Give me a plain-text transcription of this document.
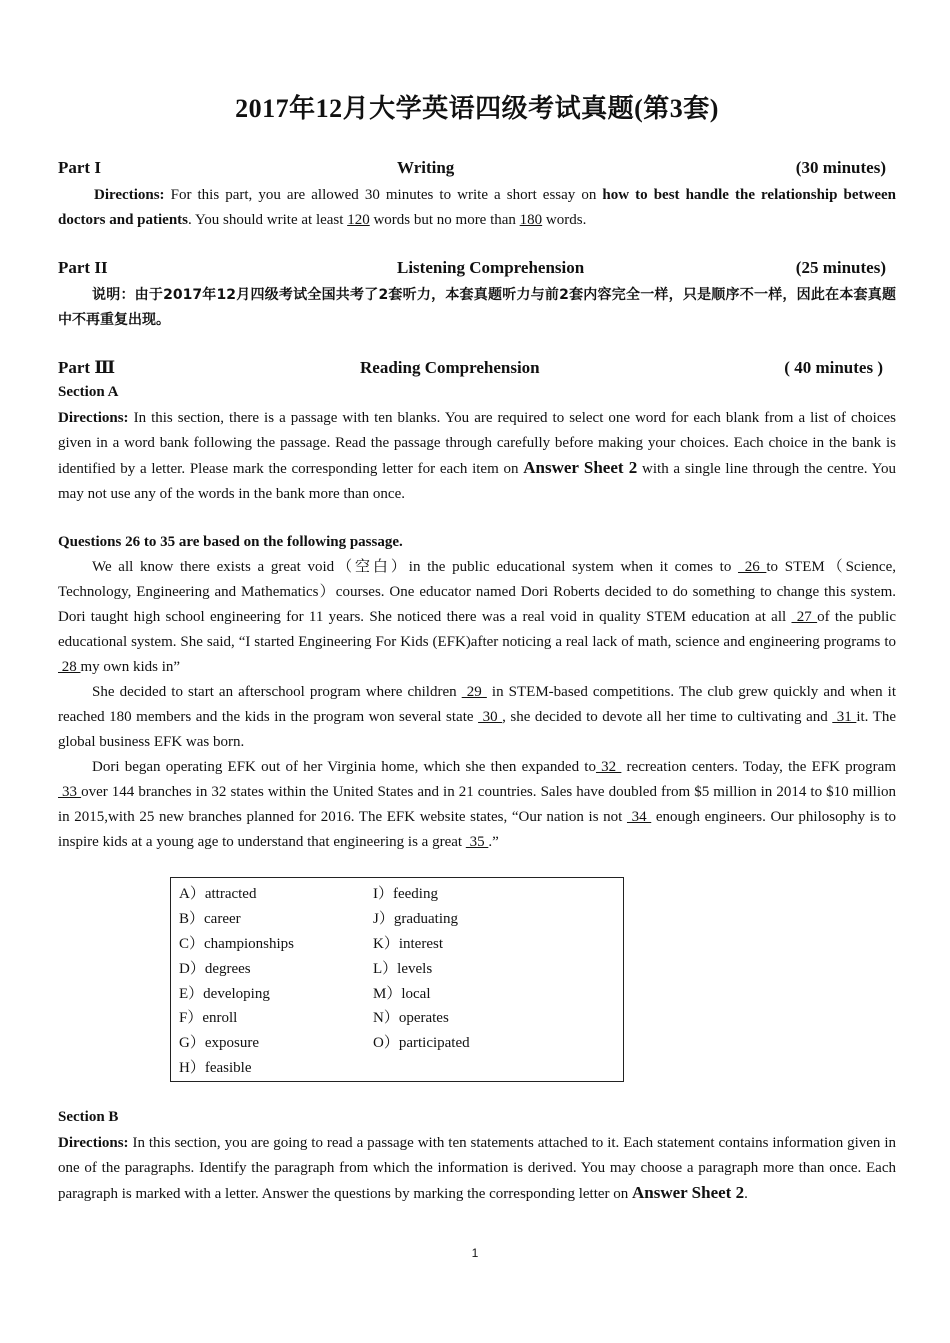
2017年12月大学英语四级考试真题(第3套)
Part I	Writing	(30 minutes)
Directions: For this part, you are allowed 30 minutes to write a short essay on how to best handle the relationship between doctors and patients. You should write at least 120 words but no more than 180 words.
Part II	Listening Comprehension	(25 minutes)
说明：由于2017年12月四级考试全国共考了2套听力，本套真题听力与前2套内容完全一样，只是顺序不一样，因此在本套真题中不再重复出现。
Part Ⅲ	Reading Comprehension	( 40 minutes )
Section A
Directions: In this section, there is a passage with ten blanks. You are required to select one word for each blank from a list of choices given in a word bank following the passage. Read the passage through carefully before making your choices. Each choice in the bank is identified by a letter. Please mark the corresponding letter for each item on Answer Sheet 2 with a single line through the centre. You may not use any of the words in the bank more than once.
Questions 26 to 35 are based on the following passage.
We all know there exists a great void（空白）in the public educational system when it comes to  26 to STEM（Science, Technology, Engineering and Mathematics）courses. One educator named Dori Roberts decided to do something to change this system. Dori taught high school engineering for 11 years. She noticed there was a real void in quality STEM education at all  27 of the public educational system. She said, “I started Engineering For Kids (EFK)after noticing a real lack of math, science and engineering programs to  28 my own kids in”
She decided to start an afterschool program where children  29  in STEM-based competitions. The club grew quickly and when it reached 180 members and the kids in the program won several state  30 , she decided to devote all her time to cultivating and  31 it. The global business EFK was born.
Dori began operating EFK out of her Virginia home, which she then expanded to 32  recreation centers. Today, the EFK program  33 over 144 branches in 32 states within the United States and in 21 countries. Sales have doubled from $5 million in 2014 to $10 million in 2015,with 25 new branches planned for 2016. The EFK website states, “Our nation is not  34  enough engineers. Our philosophy is to inspire kids at a young age to understand that engineering is a great  35 .”
A）attracted
B）career
C）championships
D）degrees
E）developing
F）enroll
G）exposure
H）feasible
I）feeding
J）graduating
K）interest
L）levels
M）local
N）operates
O）participated
Section B
Directions: In this section, you are going to read a passage with ten statements attached to it. Each statement contains information given in one of the paragraphs. Identify the paragraph from which the information is derived. You may choose a paragraph more than once. Each paragraph is marked with a letter. Answer the questions by marking the corresponding letter on Answer Sheet 2.
1
